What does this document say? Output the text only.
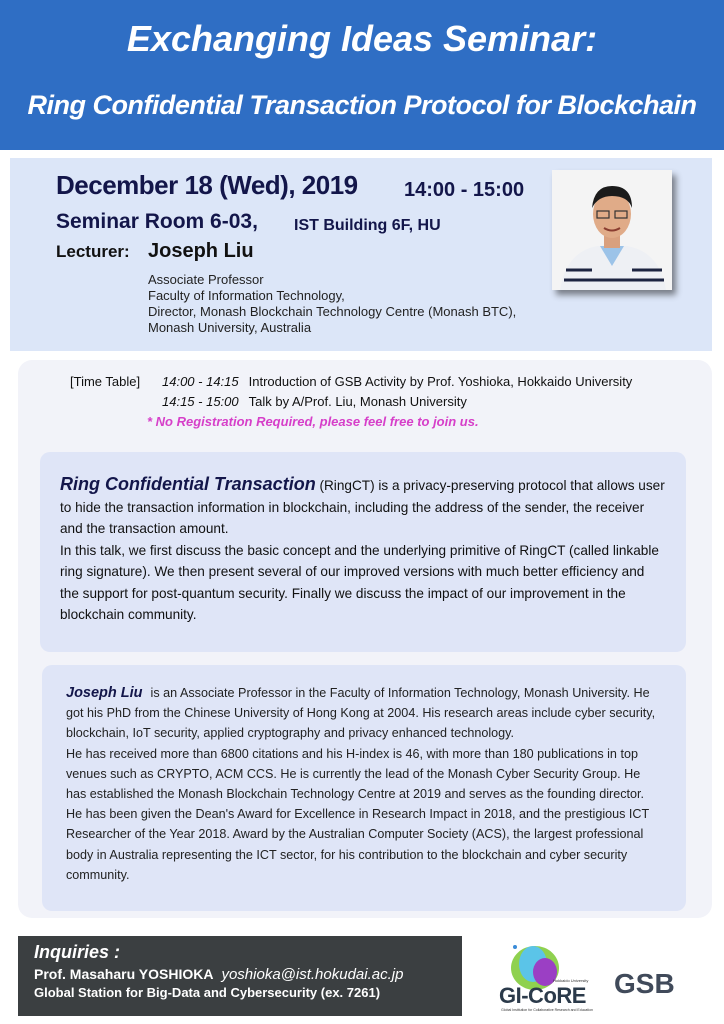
Exchanging Ideas Seminar:
Ring Confidential Transaction Protocol for Blockchain
December 18 (Wed), 2019 14:00 - 15:00
Seminar Room 6-03, IST Building 6F, HU
Lecturer: Joseph Liu
Associate Professor
Faculty of Information Technology,
Director, Monash Blockchain Technology Centre (Monash BTC),
Monash University, Australia
[Time Table] 14:00 - 14:15 Introduction of GSB Activity by Prof. Yoshioka, Hokkaido University
14:15 - 15:00 Talk by A/Prof. Liu, Monash University
* No Registration Required, please feel free to join us.
Ring Confidential Transaction (RingCT) is a privacy-preserving protocol that allows user to hide the transaction information in blockchain, including the address of the sender, the receiver and the transaction amount.
In this talk, we first discuss the basic concept and the underlying primitive of RingCT (called linkable ring signature). We then present several of our improved versions with much better efficiency and the support for post-quantum security. Finally we discuss the impact of our improvement in the blockchain community.
Joseph Liu is an Associate Professor in the Faculty of Information Technology, Monash University. He got his PhD from the Chinese University of Hong Kong at 2004. His research areas include cyber security, blockchain, IoT security, applied cryptography and privacy enhanced technology.
He has received more than 6800 citations and his H-index is 46, with more than 180 publications in top venues such as CRYPTO, ACM CCS. He is currently the lead of the Monash Cyber Security Group. He has established the Monash Blockchain Technology Centre at 2019 and serves as the founding director. He has been given the Dean's Award for Excellence in Research Impact in 2018, and the prestigious ICT Researcher of the Year 2018. Award by the Australian Computer Society (ACS), the largest professional body in Australia representing the ICT sector, for his contribution to the blockchain and cyber security community.
Inquiries :
Prof. Masaharu YOSHIOKA yoshioka@ist.hokudai.ac.jp
Global Station for Big-Data and Cybersecurity (ex. 7261)	GI-CoRE
Hokkaido University
Global Institution for Collaborative Research and Education
GSB
